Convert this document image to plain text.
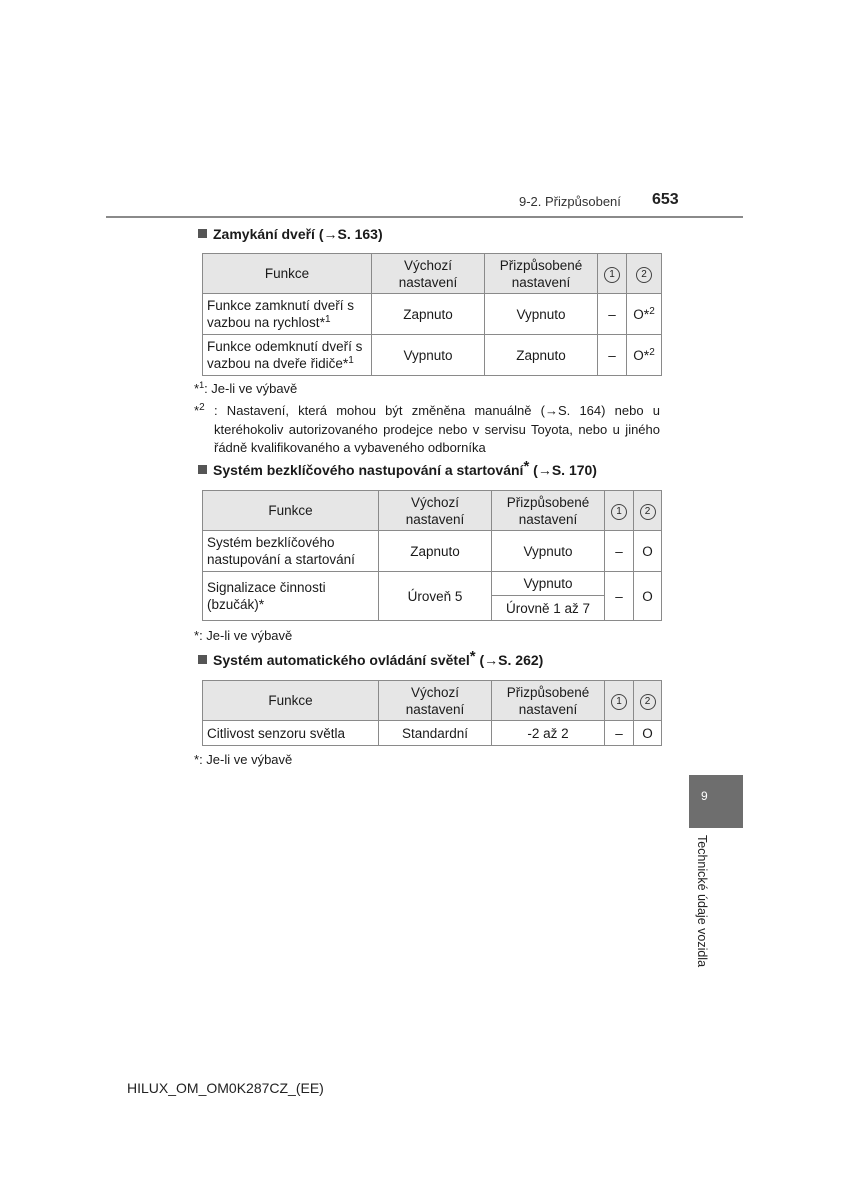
9-2. Přizpůsobení 653
Zamykání dveří (→S. 163)
Funkce	Výchozí nastavení	Přizpůsobené nastavení	1	2
Funkce zamknutí dveří s vazbou na rychlost*$^1$	Zapnuto	Vypnuto	–	O*$^2$
Funkce odemknutí dveří s vazbou na dveře řidiče*$^1$	Vypnuto	Zapnuto	–	O*$^2$
*$^1$: Je-li ve výbavě
*$^2$ : Nastavení, která mohou být změněna manuálně (→S. 164) nebo u kteréhokoliv autorizovaného prodejce nebo v servisu Toyota, nebo u jiného řádně kvalifikovaného a vybaveného odborníka
Systém bezklíčového nastupování a startování* (→S. 170)
Funkce	Výchozí nastavení	Přizpůsobené nastavení	1	2
Systém bezklíčového nastupování a startování	Zapnuto	Vypnuto	–	O
Signalizace činnosti (bzučák)*	Úroveň 5	Vypnuto	–	O
		Úrovně 1 až 7		
*: Je-li ve výbavě
Systém automatického ovládání světel* (→S. 262)
Funkce	Výchozí nastavení	Přizpůsobené nastavení	1	2
Citlivost senzoru světla	Standardní	-2 až 2	–	O
*: Je-li ve výbavě
9
Technické údaje vozidla
HILUX_OM_OM0K287CZ_(EE)
